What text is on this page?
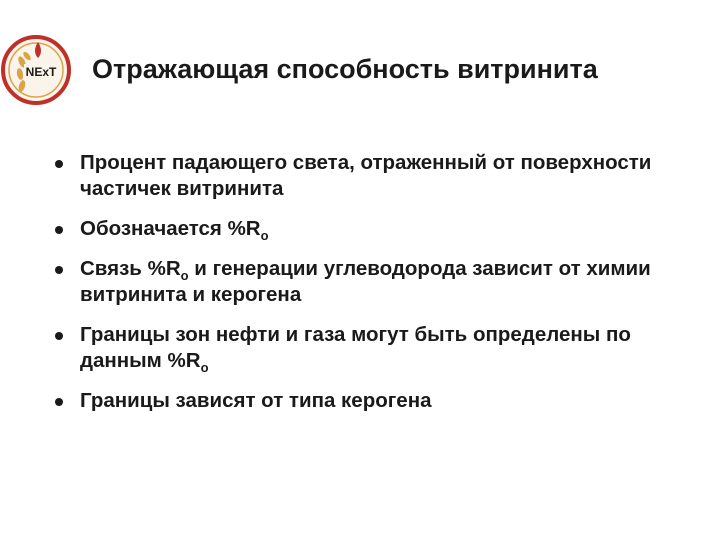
NExT Отражающая способность витринита
Процент падающего света, отраженный от поверхности частичек витринита
Обозначается $\%R_o$
Связь $\%R_o$ и генерации углеводорода зависит от химии витринита и керогена
Границы зон нефти и газа могут быть определены по данным $\%R_o$
Границы зависят от типа керогена
